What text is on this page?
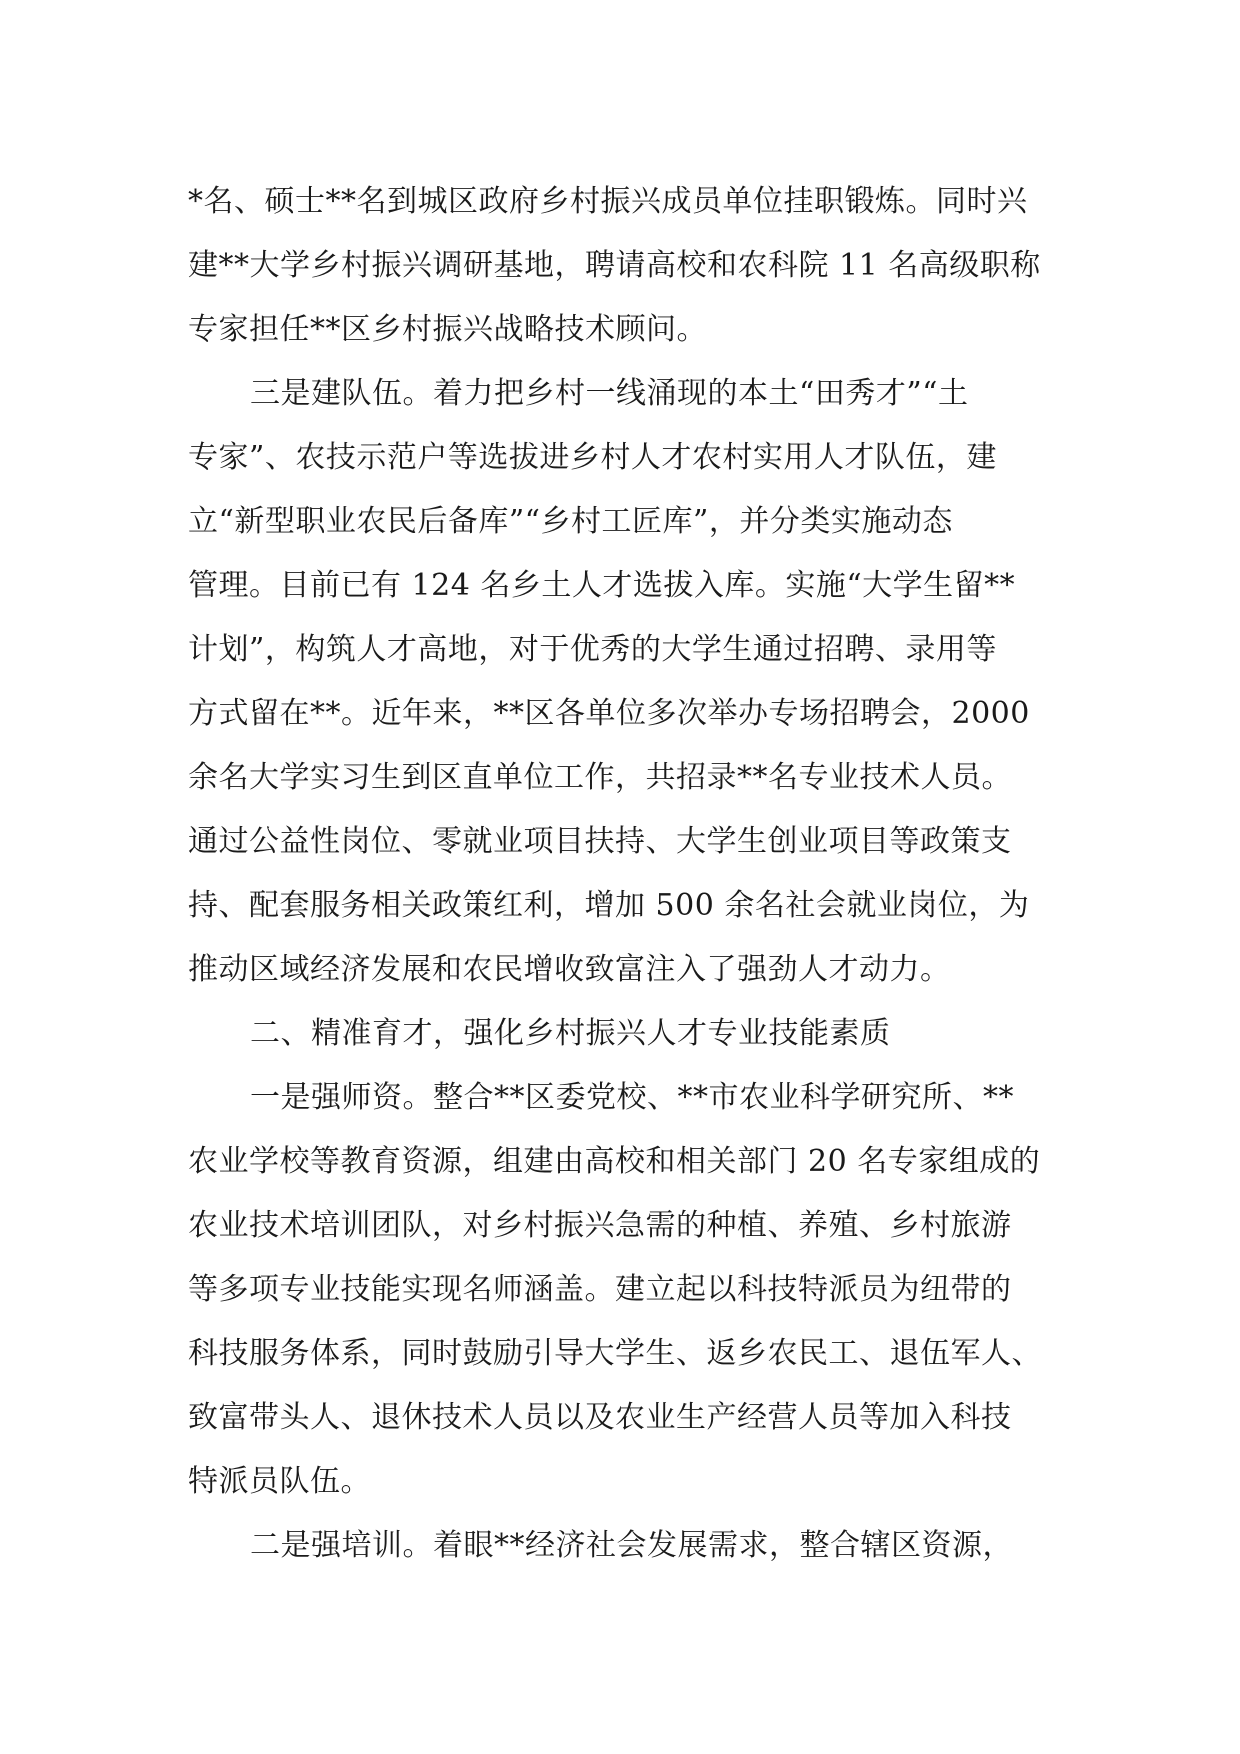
*名、硕士**名到城区政府乡村振兴成员单位挂职锻炼。同时兴
建**大学乡村振兴调研基地，聘请高校和农科院 11 名高级职称
专家担任**区乡村振兴战略技术顾问。
三是建队伍。着力把乡村一线涌现的本土“田秀才”“土
专家”、农技示范户等选拔进乡村人才农村实用人才队伍，建
立“新型职业农民后备库”“乡村工匠库”，并分类实施动态
管理。目前已有 124 名乡土人才选拔入库。实施“大学生留**
计划”，构筑人才高地，对于优秀的大学生通过招聘、录用等
方式留在**。近年来，**区各单位多次举办专场招聘会，2000
余名大学实习生到区直单位工作，共招录**名专业技术人员。
通过公益性岗位、零就业项目扶持、大学生创业项目等政策支
持、配套服务相关政策红利，增加 500 余名社会就业岗位，为
推动区域经济发展和农民增收致富注入了强劲人才动力。
二、精准育才，强化乡村振兴人才专业技能素质
一是强师资。整合**区委党校、**市农业科学研究所、**
农业学校等教育资源，组建由高校和相关部门 20 名专家组成的
农业技术培训团队，对乡村振兴急需的种植、养殖、乡村旅游
等多项专业技能实现名师涵盖。建立起以科技特派员为纽带的
科技服务体系，同时鼓励引导大学生、返乡农民工、退伍军人、
致富带头人、退休技术人员以及农业生产经营人员等加入科技
特派员队伍。
二是强培训。着眼**经济社会发展需求，整合辖区资源，
